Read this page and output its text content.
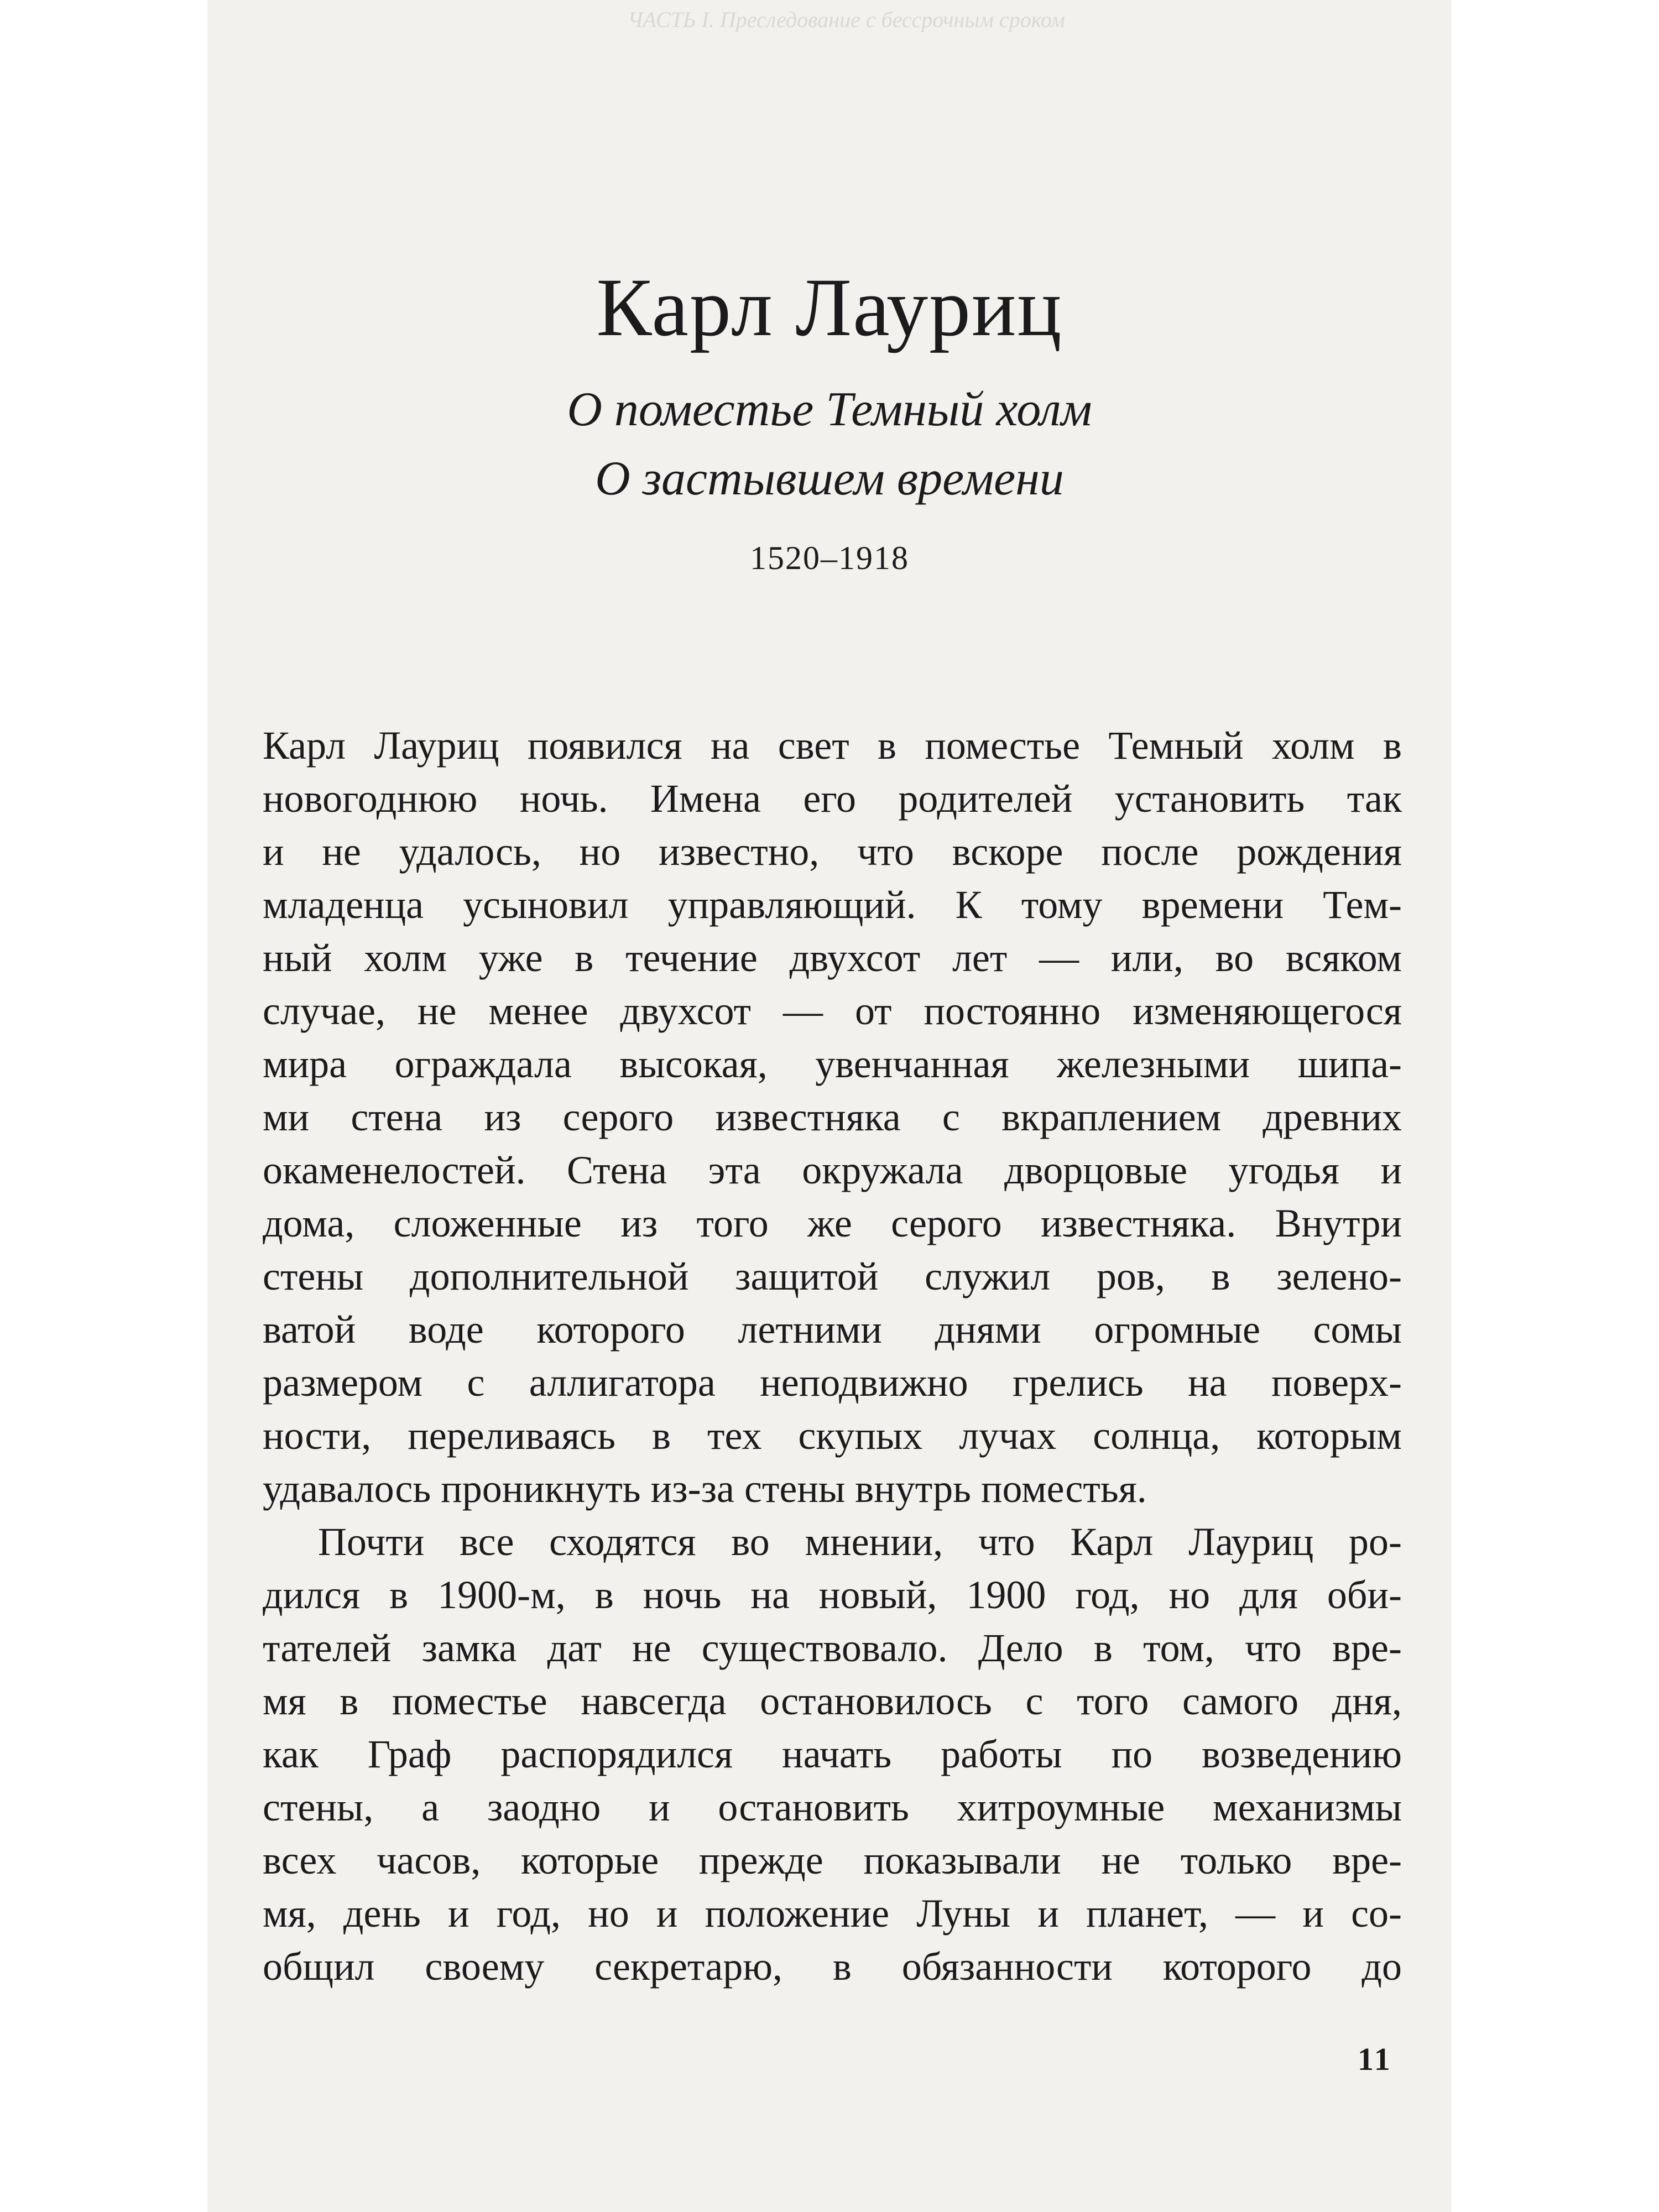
ЧАСТЬ I. Преследование с бессрочным сроком
Карл Лауриц
О поместье Темный холм
О застывшем времени
1520–1918
Карл Лауриц появился на свет в поместье Темный холм в
новогоднюю ночь. Имена его родителей установить так
и не удалось, но известно, что вскоре после рождения
младенца усыновил управляющий. К тому времени Тем-
ный холм уже в течение двухсот лет — или, во всяком
случае, не менее двухсот — от постоянно изменяющегося
мира ограждала высокая, увенчанная железными шипа-
ми стена из серого известняка с вкраплением древних
окаменелостей. Стена эта окружала дворцовые угодья и
дома, сложенные из того же серого известняка. Внутри
стены дополнительной защитой служил ров, в зелено-
ватой воде которого летними днями огромные сомы
размером с аллигатора неподвижно грелись на поверх-
ности, переливаясь в тех скупых лучах солнца, которым
удавалось проникнуть из-за стены внутрь поместья.
Почти все сходятся во мнении, что Карл Лауриц ро-
дился в 1900-м, в ночь на новый, 1900 год, но для оби-
тателей замка дат не существовало. Дело в том, что вре-
мя в поместье навсегда остановилось с того самого дня,
как Граф распорядился начать работы по возведению
стены, а заодно и остановить хитроумные механизмы
всех часов, которые прежде показывали не только вре-
мя, день и год, но и положение Луны и планет, — и со-
общил своему секретарю, в обязанности которого до
11
